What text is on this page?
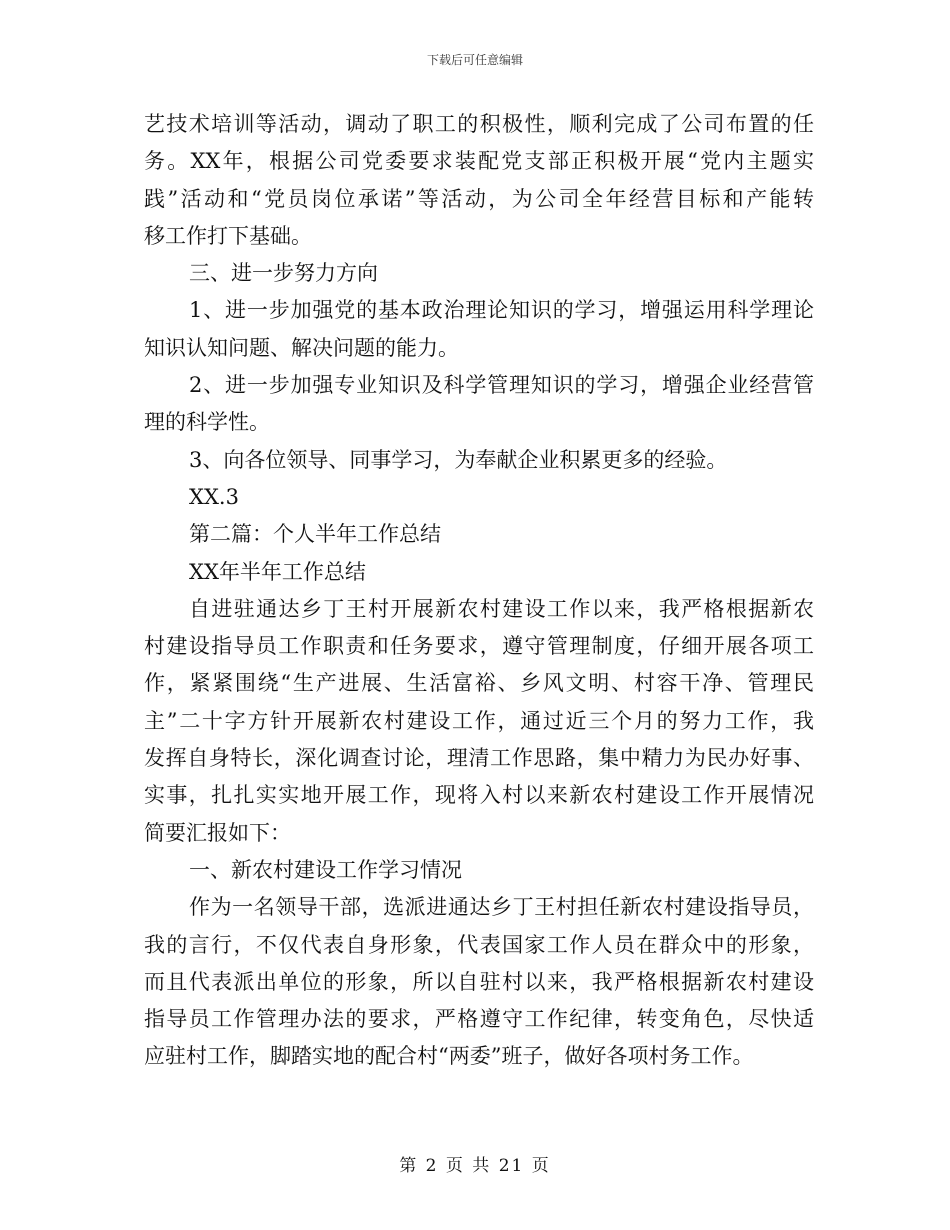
下载后可任意编辑
艺技术培训等活动，调动了职工的积极性，顺利完成了公司布置的任
务。XX年，根据公司党委要求装配党支部正积极开展“党内主题实
践”活动和“党员岗位承诺”等活动，为公司全年经营目标和产能转
移工作打下基础。
三、进一步努力方向
1、进一步加强党的基本政治理论知识的学习，增强运用科学理论
知识认知问题、解决问题的能力。
2、进一步加强专业知识及科学管理知识的学习，增强企业经营管
理的科学性。
3、向各位领导、同事学习，为奉献企业积累更多的经验。
XX.3
第二篇：个人半年工作总结
XX年半年工作总结
自进驻通达乡丁王村开展新农村建设工作以来，我严格根据新农
村建设指导员工作职责和任务要求，遵守管理制度，仔细开展各项工
作，紧紧围绕“生产进展、生活富裕、乡风文明、村容干净、管理民
主”二十字方针开展新农村建设工作，通过近三个月的努力工作，我
发挥自身特长，深化调查讨论，理清工作思路，集中精力为民办好事、
实事，扎扎实实地开展工作，现将入村以来新农村建设工作开展情况
简要汇报如下：
一、新农村建设工作学习情况
作为一名领导干部，选派进通达乡丁王村担任新农村建设指导员，
我的言行，不仅代表自身形象，代表国家工作人员在群众中的形象，
而且代表派出单位的形象，所以自驻村以来，我严格根据新农村建设
指导员工作管理办法的要求，严格遵守工作纪律，转变角色，尽快适
应驻村工作，脚踏实地的配合村“两委”班子，做好各项村务工作。
第 2 页 共 21 页
